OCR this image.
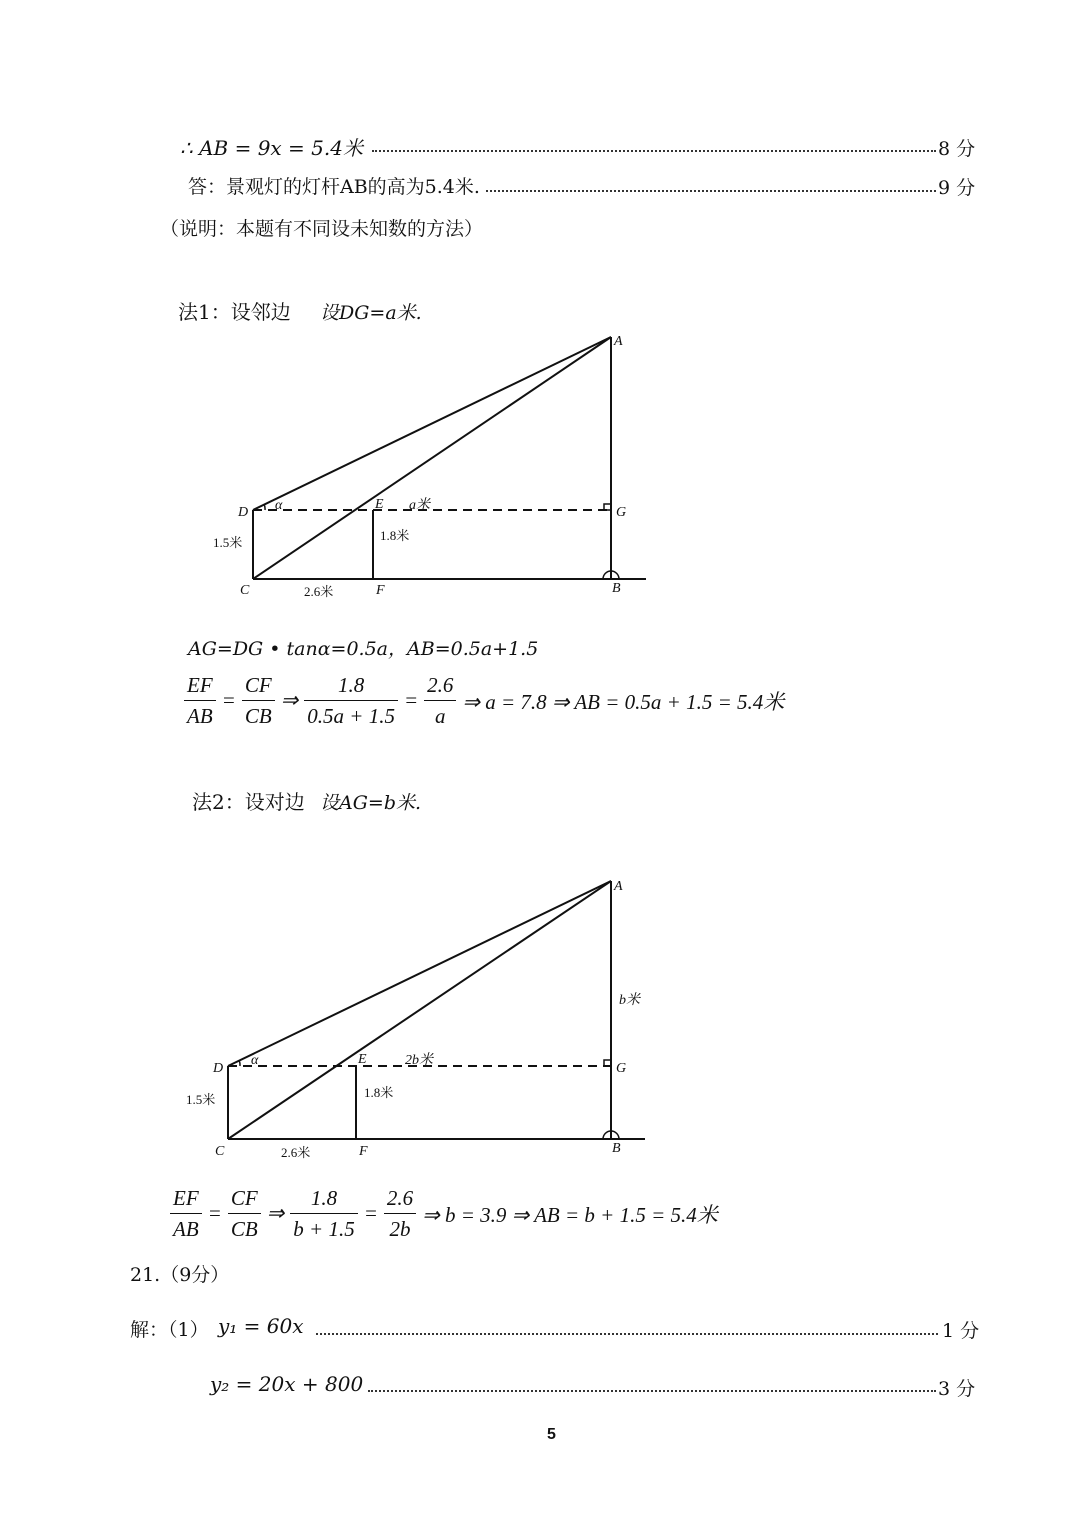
∴ AB = 9x = 5.4米	8 分
答：景观灯的灯杆AB的高为5.4米.	9 分
（说明：本题有不同设未知数的方法）
法1：设邻边 设DG=a米.
A
D
E
G
C	F	B
α	a米
1.5米	1.8米
2.6米
AG=DG • tanα=0.5a，AB=0.5a+1.5
$\frac{EF}{AB} = \frac{CF}{CB}$ ⇒ $\frac{1.8}{0.5a + 1.5} = \frac{2.6}{a}$ ⇒ a = 7.8 ⇒ AB = 0.5a + 1.5 = 5.4米
法2：设对边 设AG=b米.
A
D
E
G
C	F	B
α	2b米
b米
1.5米	1.8米
2.6米
$\frac{EF}{AB} = \frac{CF}{CB}$ ⇒ $\frac{1.8}{b + 1.5} = \frac{2.6}{2b}$ ⇒ b = 3.9 ⇒ AB = b + 1.5 = 5.4米
21.（9分）
解：（1） y₁ = 60x	1 分
y₂ = 20x + 800	3 分
5
